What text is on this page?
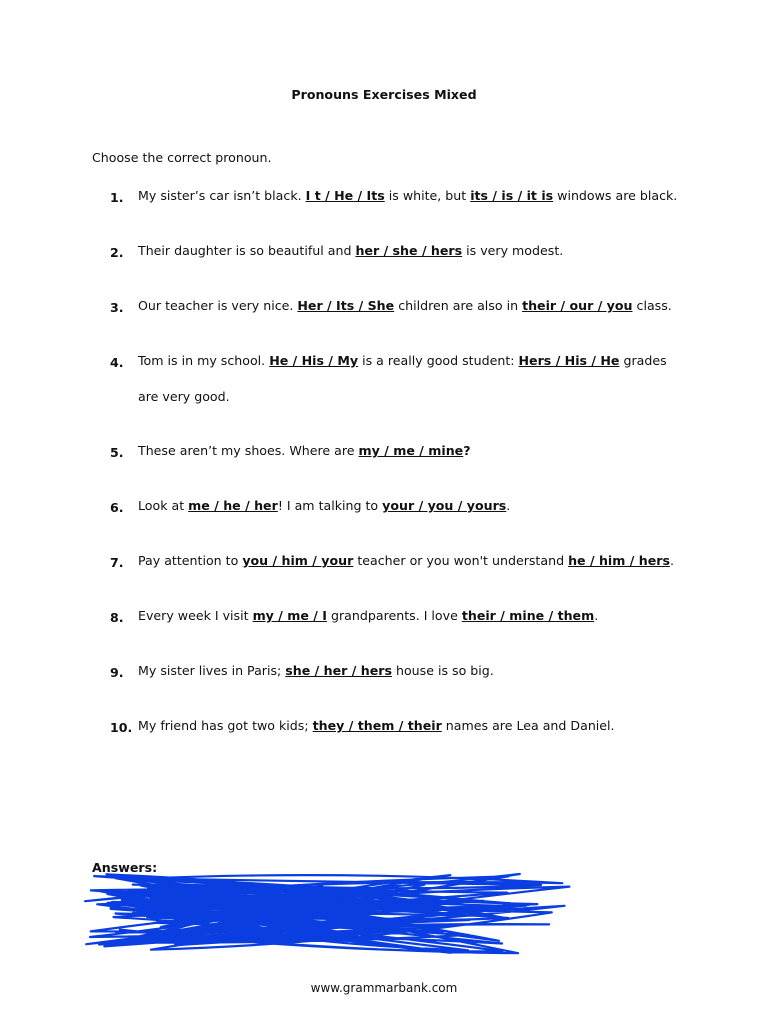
Pronouns Exercises Mixed
Choose the correct pronoun.
1.	My sister’s car isn’t black. I t / He / Its is white, but its / is / it is windows are black.
2.	Their daughter is so beautiful and her / she / hers is very modest.
3.	Our teacher is very nice. Her / Its / She children are also in their / our / you class.
4.	Tom is in my school. He / His / My is a really good student: Hers / His / He grades are very good.
5.	These aren’t my shoes. Where are my / me / mine?
6.	Look at me / he / her! I am talking to your / you / yours.
7.	Pay attention to you / him / your teacher or you won't understand he / him / hers.
8.	Every week I visit my / me / I grandparents. I love their / mine / them.
9.	My sister lives in Paris; she / her / hers house is so big.
10. My friend has got two kids; they / them / their names are Lea and Daniel.
Answers:
www.grammarbank.com
